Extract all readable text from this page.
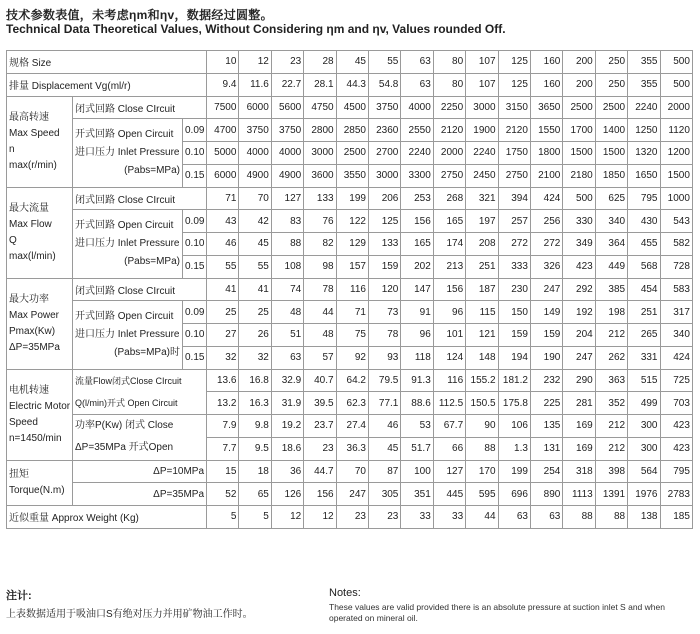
技术参数表值，未考虑ηm和ηv，数据经过圆整。
Technical Data Theoretical Values, Without Considering ηm and ηv, Values rounded Off.
规格 Size			10	12	23	28	45	55	63	80	107	125	160	200	250	355	500
排量 Displacement Vg(ml/r)			9.4	11.6	22.7	28.1	44.3	54.8	63	80	107	125	160	200	250	355	500

最高转速
Max Speed
n
max(r/min)	闭式回路 Close CIrcuit		7500	6000	5600	4750	4500	3750	4000	2250	3000	3150	3650	2500	2500	2240	2000

	开式回路 Open Circuit
进口压力 Inlet Pressure
(Pabs=MPa)	0.09	4700	3750	3750	2800	2850	2360	2550	2120	1900	2120	1550	1700	1400	1250	1120
		0.10	5000	4000	4000	3000	2500	2700	2240	2000	2240	1750	1800	1500	1500	1320	1200
		0.15	6000	4900	4900	3600	3550	3000	3300	2750	2450	2750	2100	2180	1850	1650	1500

最大流量
Max Flow
Q
max(l/min)	闭式回路 Close CIrcuit		71	70	127	133	199	206	253	268	321	394	424	500	625	795	1000

	开式回路 Open Circuit
进口压力 Inlet Pressure
(Pabs=MPa)	0.09	43	42	83	76	122	125	156	165	197	257	256	330	340	430	543
		0.10	46	45	88	82	129	133	165	174	208	272	272	349	364	455	582
		0.15	55	55	108	98	157	159	202	213	251	333	326	423	449	568	728

最大功率
Max Power
Pmax(Kw)
ΔP=35MPa	闭式回路 Close CIrcuit		41	41	74	78	116	120	147	156	187	230	247	292	385	454	583

	开式回路 Open Circuit
进口压力 Inlet Pressure
(Pabs=MPa)时	0.09	25	25	48	44	71	73	91	96	115	150	149	192	198	251	317
		0.10	27	26	51	48	75	78	96	101	121	159	159	204	212	265	340
		0.15	32	32	63	57	92	93	118	124	148	194	190	247	262	331	424

电机转速
Electric Motor
Speed
n=1450/min	流量Flow闭式Close CIrcuit
Q(l/min)开式 Open Circuit		13.6	16.8	32.9	40.7	64.2	79.5	91.3	116	155.2	181.2	232	290	363	515	725
			13.2	16.3	31.9	39.5	62.3	77.1	88.6	112.5	150.5	175.8	225	281	352	499	703

	功率P(Kw) 闭式 Close
ΔP=35MPa 开式Open		7.9	9.8	19.2	23.7	27.4	46	53	67.7	90	106	135	169	212	300	423
			7.7	9.5	18.6	23	36.3	45	51.7	66	88	1.3	131	169	212	300	423

扭矩
Torque(N.m)	ΔP=10MPa		15	18	36	44.7	70	87	100	127	170	199	254	318	398	564	795
	ΔP=35MPa		52	65	126	156	247	305	351	445	595	696	890	1113	1391	1976	2783
近似重量 Approx Weight (Kg)			5	5	12	12	23	23	33	33	44	63	63	88	88	138	185
注计:
上表数据适用于吸油口S有绝对压力并用矿物油工作时。
Notes:
These values are valid provided there is an absolute pressure at suction inlet S and when operated on mineral oil.
